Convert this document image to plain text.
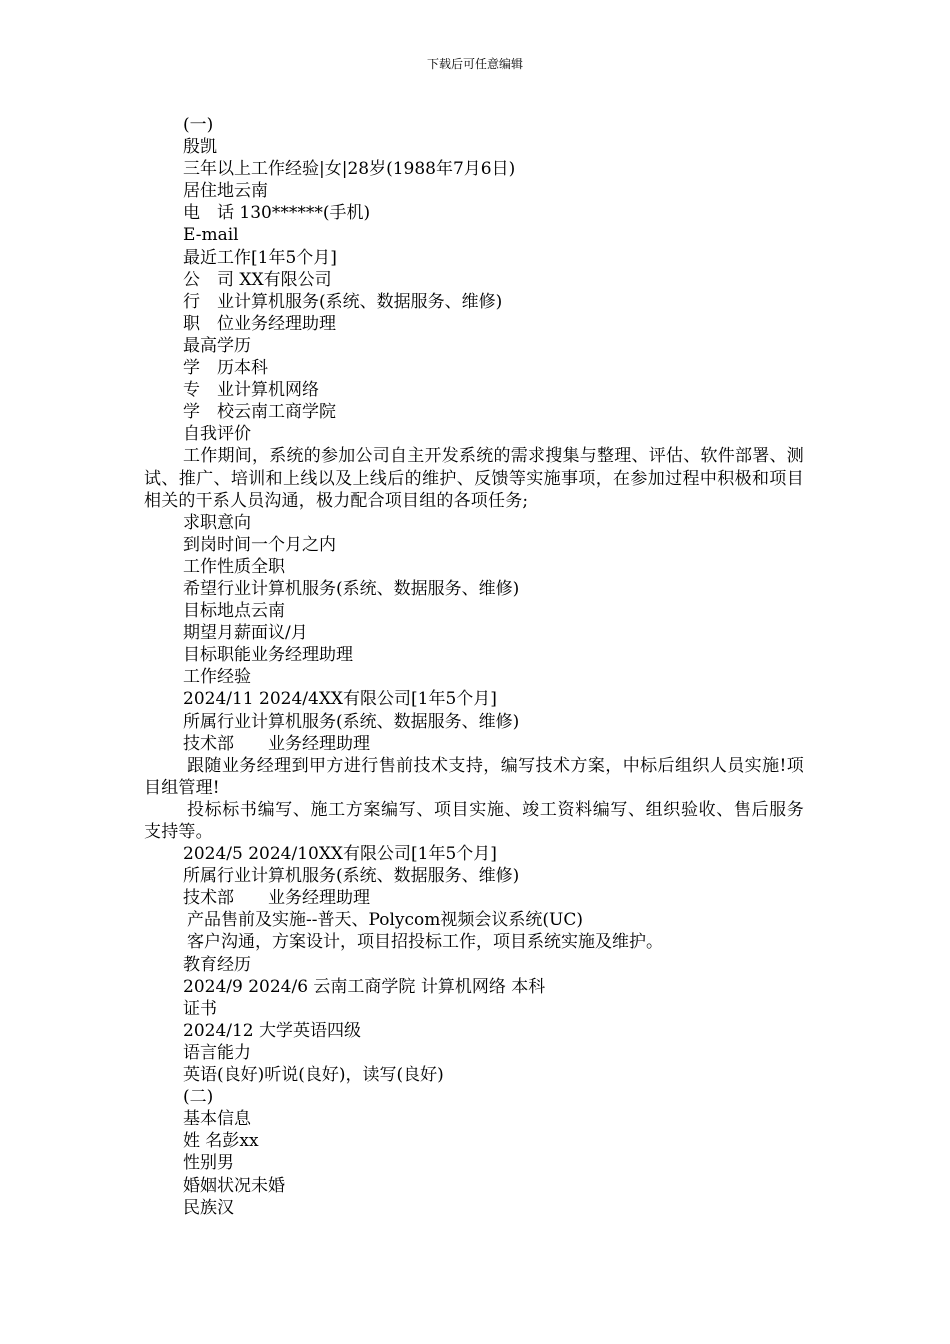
下载后可任意编辑

(一)

殷凯

三年以上工作经验|女|28岁(1988年7月6日)

居住地云南

电　话 130******(手机)

E-mail

最近工作[1年5个月]

公　司 XX有限公司

行　业计算机服务(系统、数据服务、维修)

职　位业务经理助理

最高学历

学　历本科

专　业计算机网络

学　校云南工商学院

自我评价

工作期间，系统的参加公司自主开发系统的需求搜集与整理、评估、软件部署、测试、推广、培训和上线以及上线后的维护、反馈等实施事项，在参加过程中积极和项目相关的干系人员沟通，极力配合项目组的各项任务;

求职意向

到岗时间一个月之内

工作性质全职

希望行业计算机服务(系统、数据服务、维修)

目标地点云南

期望月薪面议/月

目标职能业务经理助理

工作经验

2024/11 2024/4XX有限公司[1年5个月]

所属行业计算机服务(系统、数据服务、维修)

技术部　　业务经理助理

跟随业务经理到甲方进行售前技术支持，编写技术方案，中标后组织人员实施!项目组管理!

投标标书编写、施工方案编写、项目实施、竣工资料编写、组织验收、售后服务支持等。

2024/5 2024/10XX有限公司[1年5个月]

所属行业计算机服务(系统、数据服务、维修)

技术部　　业务经理助理

产品售前及实施--普天、Polycom视频会议系统(UC)

客户沟通，方案设计，项目招投标工作，项目系统实施及维护。

教育经历

2024/9 2024/6 云南工商学院 计算机网络 本科

证书

2024/12 大学英语四级

语言能力

英语(良好)听说(良好)，读写(良好)

(二)

基本信息

姓 名彭xx

性别男

婚姻状况未婚

民族汉
